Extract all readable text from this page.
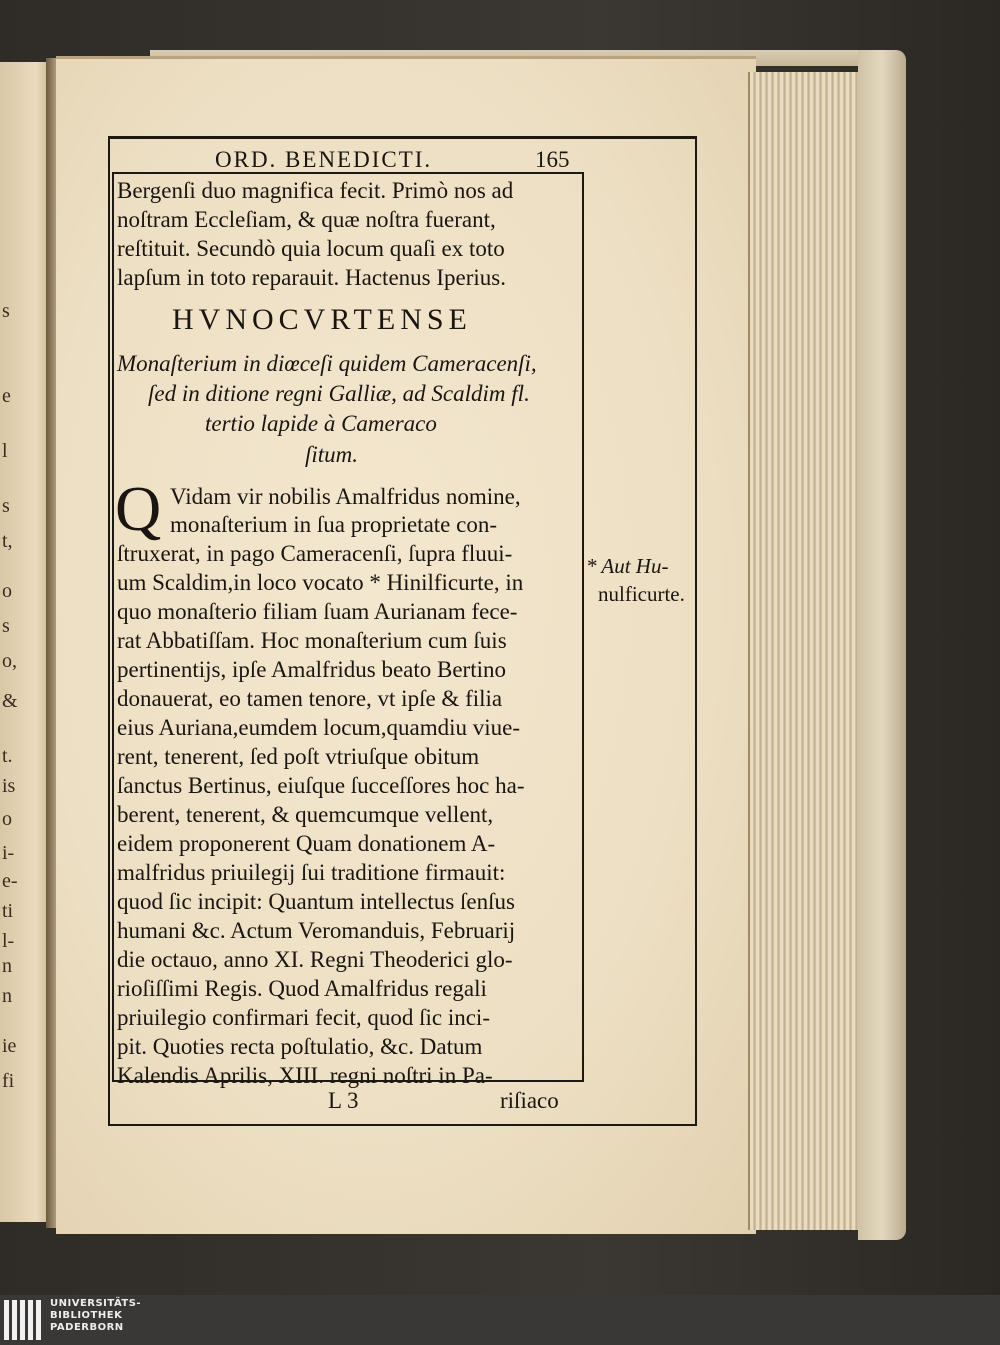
s
e
l
s
t,
o
s
o,
&
t.
is
o
i-
e-
ti
l-
n
n
ie
fi
ORD. BENEDICTI.	165
Bergenſi duo magnifica fecit. Primò nos ad
noſtram Eccleſiam, & quæ noſtra fuerant,
reſtituit. Secundò quia locum quaſi ex toto
lapſum in toto reparauit. Hactenus Iperius.
HVNOCVRTENSE
Monaſterium in diœceſi quidem Cameracenſi,
ſed in ditione regni Galliæ, ad Scaldim fl.
tertio lapide à Cameraco
ſitum.
Q Vidam vir nobilis Amalfridus nomine,
monaſterium in ſua proprietate con-
ſtruxerat, in pago Cameracenſi, ſupra fluui-
um Scaldim,in loco vocato * Hinilficurte, in
quo monaſterio filiam ſuam Aurianam fece-
rat Abbatiſſam. Hoc monaſterium cum ſuis
pertinentijs, ipſe Amalfridus beato Bertino
donauerat, eo tamen tenore, vt ipſe & filia
eius Auriana,eumdem locum,quamdiu viue-
rent, tenerent, ſed poſt vtriuſque obitum
ſanctus Bertinus, eiuſque ſucceſſores hoc ha-
berent, tenerent, & quemcumque vellent,
eidem proponerent Quam donationem A-
malfridus priuilegij ſui traditione firmauit:
quod ſic incipit: Quantum intellectus ſenſus
humani &c. Actum Veromanduis, Februarij
die octauo, anno XI. Regni Theoderici glo-
rioſiſſimi Regis. Quod Amalfridus regali
priuilegio confirmari fecit, quod ſic inci-
pit. Quoties recta poſtulatio, &c. Datum
Kalendis Aprilis, XIII. regni noſtri in Pa-
* Aut Hu-
nulficurte.
L 3	riſiaco
UNIVERSITÄTS-
BIBLIOTHEK
PADERBORN
